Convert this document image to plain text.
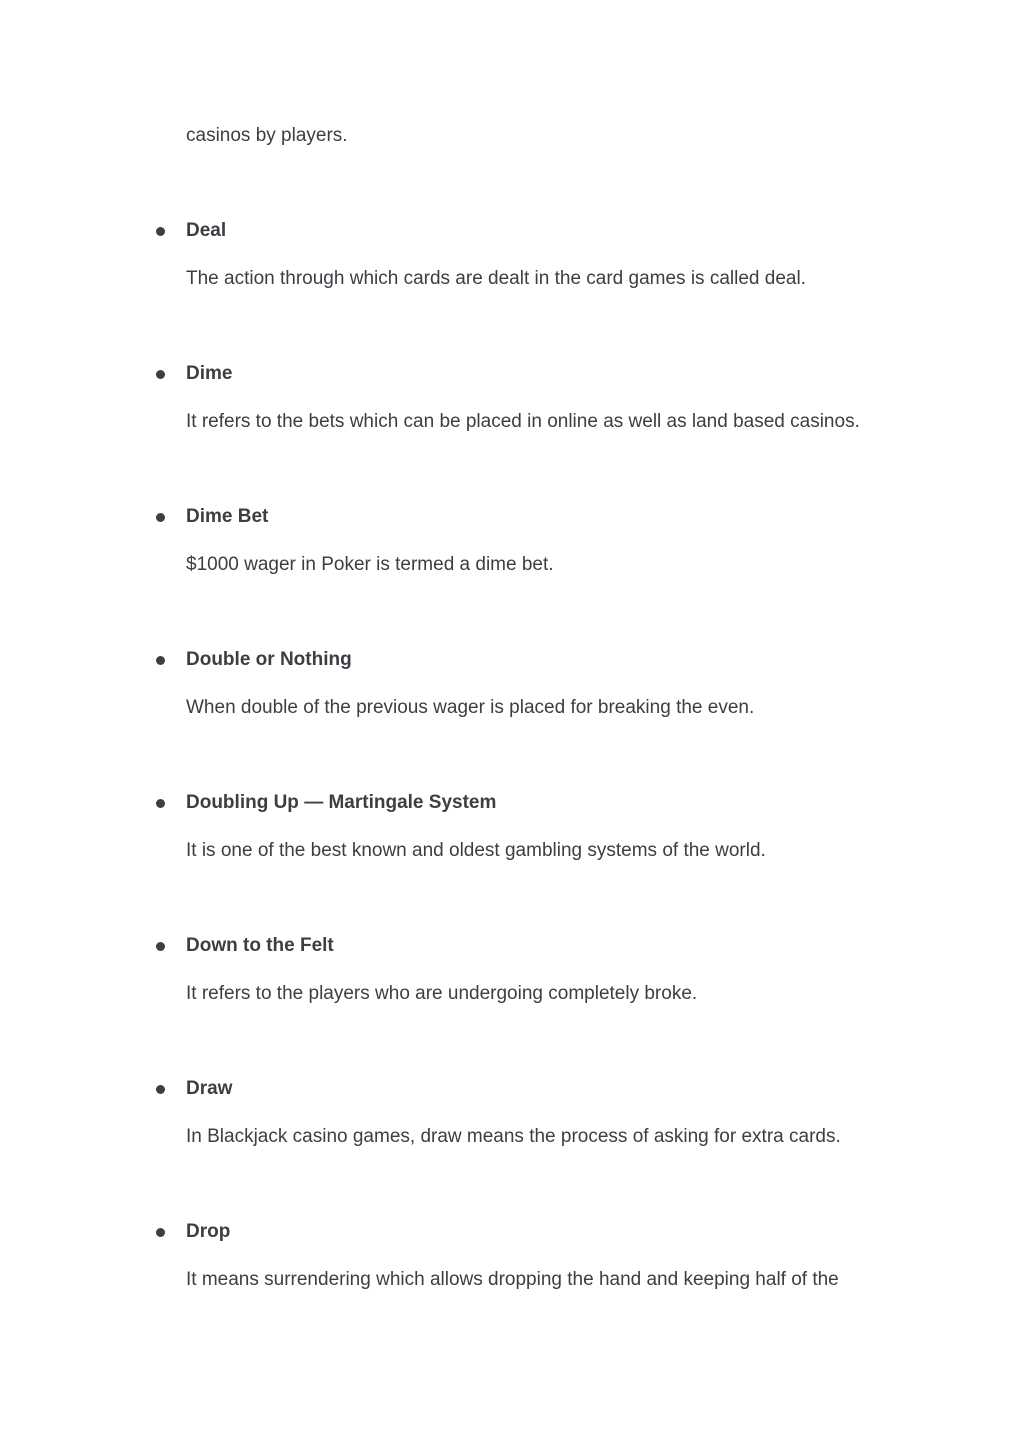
casinos by players.

Deal

The action through which cards are dealt in the card games is called deal.

Dime

It refers to the bets which can be placed in online as well as land based casinos.

Dime Bet

$1000 wager in Poker is termed a dime bet.

Double or Nothing

When double of the previous wager is placed for breaking the even.

Doubling Up — Martingale System

It is one of the best known and oldest gambling systems of the world.

Down to the Felt

It refers to the players who are undergoing completely broke.

Draw

In Blackjack casino games, draw means the process of asking for extra cards.

Drop

It means surrendering which allows dropping the hand and keeping half of the
